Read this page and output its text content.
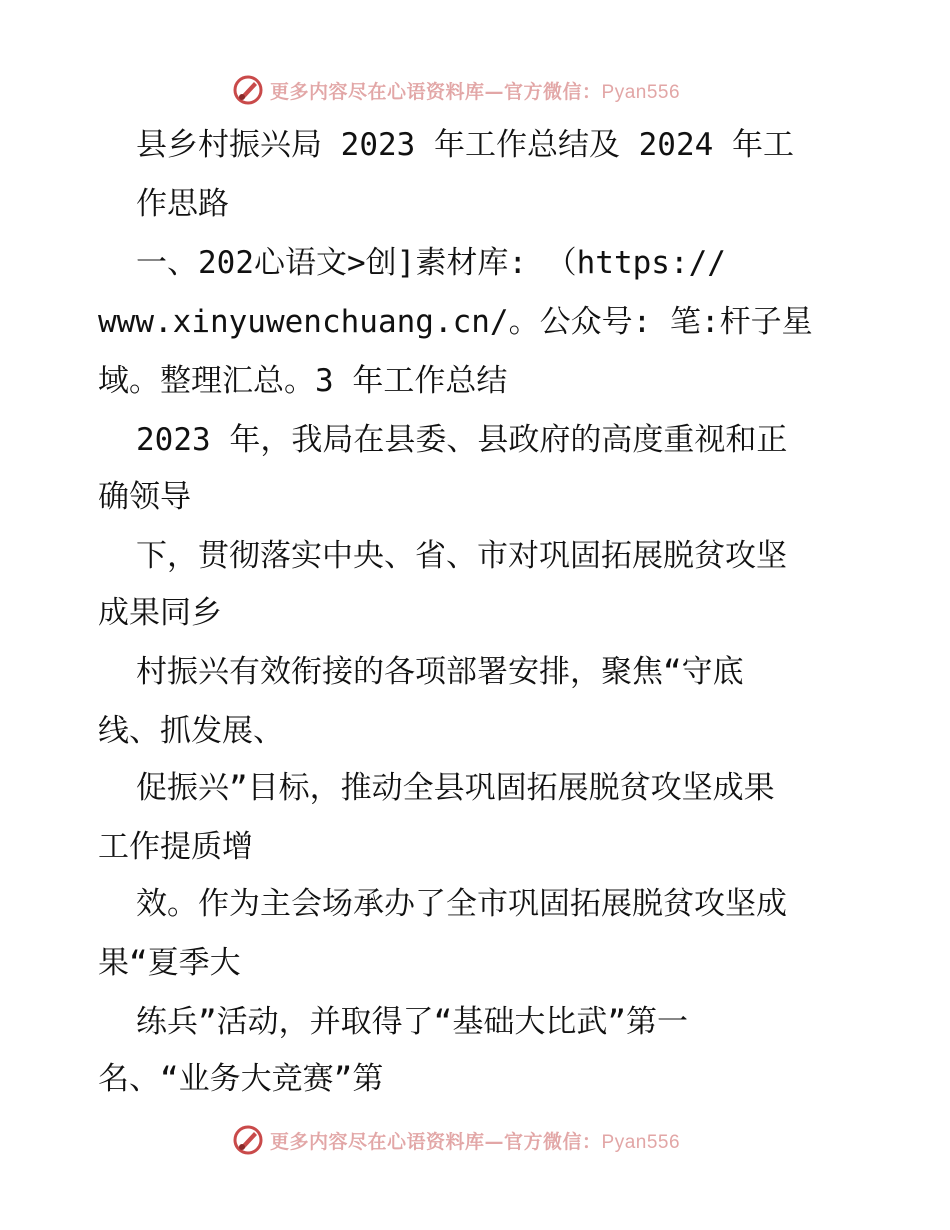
更多内容尽在心语资料库—官方微信：Pyan556
县乡村振兴局 2023 年工作总结及 2024 年工
作思路
一、202心语文>创]素材库: （https://
www.xinyuwenchuang.cn/。公众号: 笔:杆子星
域。整理汇总。3 年工作总结
2023 年，我局在县委、县政府的高度重视和正
确领导
下，贯彻落实中央、省、市对巩固拓展脱贫攻坚
成果同乡
村振兴有效衔接的各项部署安排，聚焦“守底
线、抓发展、
促振兴”目标，推动全县巩固拓展脱贫攻坚成果
工作提质增
效。作为主会场承办了全市巩固拓展脱贫攻坚成
果“夏季大
练兵”活动，并取得了“基础大比武”第一
名、“业务大竞赛”第
更多内容尽在心语资料库—官方微信：Pyan556
